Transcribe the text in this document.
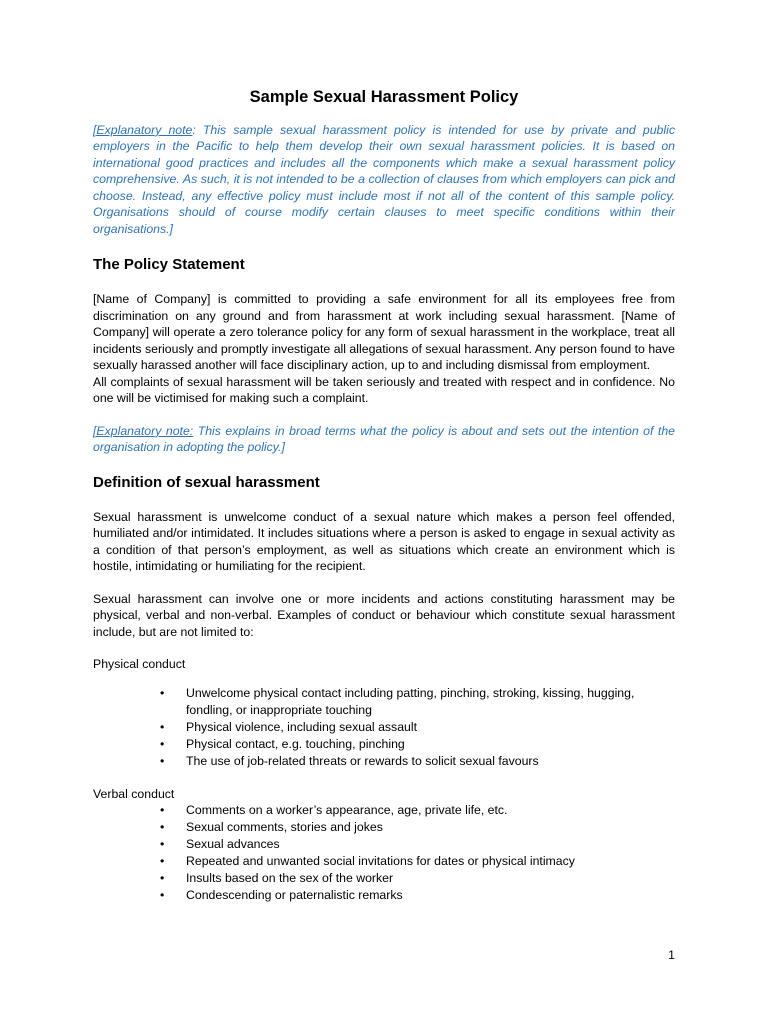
Sample Sexual Harassment Policy

[Explanatory note: This sample sexual harassment policy is intended for use by private and public employers in the Pacific to help them develop their own sexual harassment policies. It is based on international good practices and includes all the components which make a sexual harassment policy comprehensive. As such, it is not intended to be a collection of clauses from which employers can pick and choose. Instead, any effective policy must include most if not all of the content of this sample policy. Organisations should of course modify certain clauses to meet specific conditions within their organisations.]

The Policy Statement

[Name of Company] is committed to providing a safe environment for all its employees free from discrimination on any ground and from harassment at work including sexual harassment. [Name of Company] will operate a zero tolerance policy for any form of sexual harassment in the workplace, treat all incidents seriously and promptly investigate all allegations of sexual harassment. Any person found to have sexually harassed another will face disciplinary action, up to and including dismissal from employment.

All complaints of sexual harassment will be taken seriously and treated with respect and in confidence. No one will be victimised for making such a complaint.

[Explanatory note: This explains in broad terms what the policy is about and sets out the intention of the organisation in adopting the policy.]

Definition of sexual harassment

Sexual harassment is unwelcome conduct of a sexual nature which makes a person feel offended, humiliated and/or intimidated. It includes situations where a person is asked to engage in sexual activity as a condition of that person’s employment, as well as situations which create an environment which is hostile, intimidating or humiliating for the recipient.

Sexual harassment can involve one or more incidents and actions constituting harassment may be physical, verbal and non-verbal. Examples of conduct or behaviour which constitute sexual harassment include, but are not limited to:

Physical conduct
• Unwelcome physical contact including patting, pinching, stroking, kissing, hugging, fondling, or inappropriate touching
• Physical violence, including sexual assault
• Physical contact, e.g. touching, pinching
• The use of job-related threats or rewards to solicit sexual favours
Verbal conduct
• Comments on a worker’s appearance, age, private life, etc.
• Sexual comments, stories and jokes
• Sexual advances
• Repeated and unwanted social invitations for dates or physical intimacy
• Insults based on the sex of the worker
• Condescending or paternalistic remarks
1
